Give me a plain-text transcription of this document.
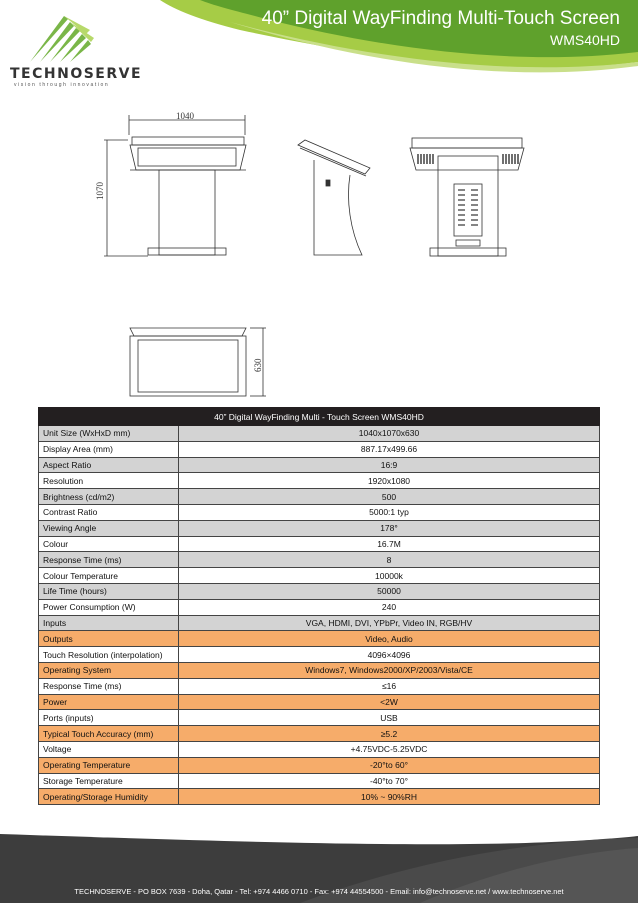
40” Digital WayFinding Multi-Touch Screen
WMS40HD
TECHNOSERVE
vision through innovation
1040
1070
630
40” Digital WayFinding Multi - Touch Screen WMS40HD	
Unit Size (WxHxD mm)	1040x1070x630
Display Area (mm)	887.17x499.66
Aspect Ratio	16:9
Resolution	1920x1080
Brightness (cd/m2)	500
Contrast Ratio	5000:1 typ
Viewing Angle	178°
Colour	16.7M
Response Time (ms)	8
Colour Temperature	10000k
Life Time (hours)	50000
Power Consumption (W)	240
Inputs	VGA, HDMI, DVI, YPbPr, Video IN, RGB/HV
Outputs	Video, Audio
Touch Resolution (interpolation)	4096×4096
Operating System	Windows7, Windows2000/XP/2003/Vista/CE
Response Time (ms)	≤16
Power	<2W
Ports (inputs)	USB
Typical Touch Accuracy (mm)	≥5.2
Voltage	+4.75VDC-5.25VDC
Operating Temperature	-20°to 60°
Storage Temperature	-40°to 70°
Operating/Storage Humidity	10% ~ 90%RH
TECHNOSERVE - PO BOX 7639 - Doha, Qatar - Tel: +974 4466 0710 - Fax: +974 44554500 - Email: info@technoserve.net / www.technoserve.net
